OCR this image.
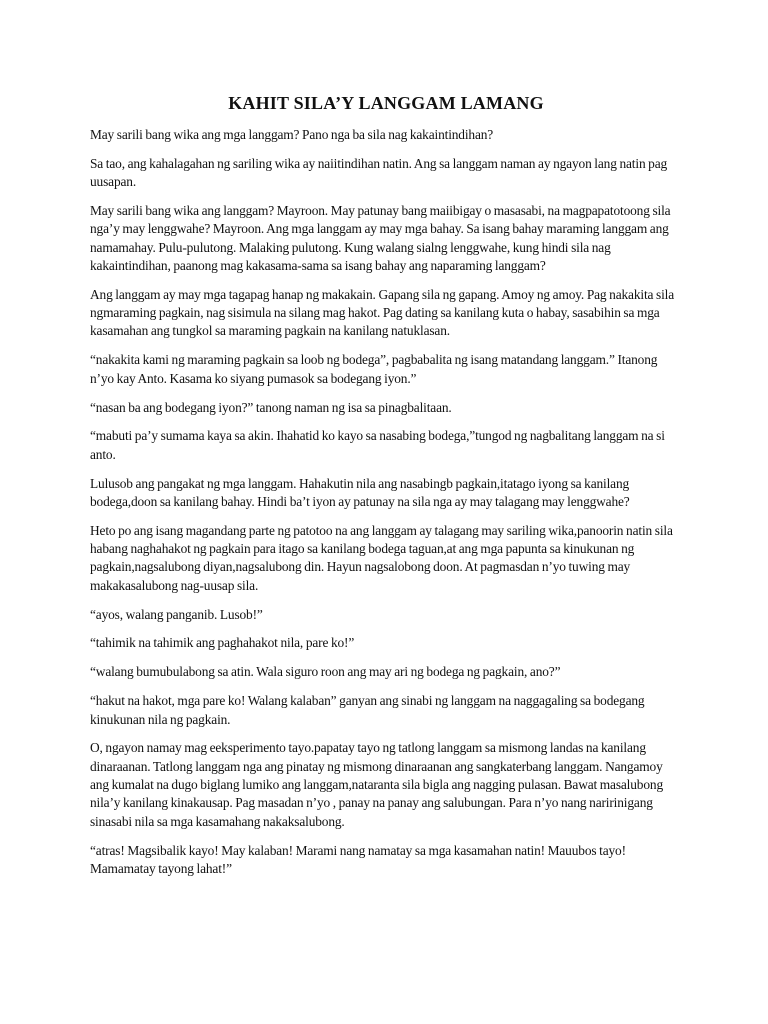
KAHIT SILA’Y LANGGAM LAMANG

May sarili bang wika ang mga langgam? Pano nga ba sila nag kakaintindihan?

Sa tao, ang kahalagahan ng sariling wika ay naiitindihan natin. Ang sa langgam naman ay ngayon lang natin pag uusapan.

May sarili bang wika ang langgam? Mayroon. May patunay bang maiibigay o masasabi, na magpapatotoong sila nga’y may lenggwahe? Mayroon. Ang mga langgam ay may mga bahay. Sa isang bahay maraming langgam ang namamahay. Pulu-pulutong. Malaking pulutong. Kung walang sialng lenggwahe, kung hindi sila nag kakaintindihan, paanong mag kakasama-sama sa isang bahay ang naparaming langgam?

Ang langgam ay may mga tagapag hanap ng makakain. Gapang sila ng gapang. Amoy ng amoy. Pag nakakita sila ngmaraming pagkain, nag sisimula na silang mag hakot. Pag dating sa kanilang kuta o habay, sasabihin sa mga kasamahan ang tungkol sa maraming pagkain na kanilang natuklasan.

“nakakita kami ng maraming pagkain sa loob ng bodega”, pagbabalita ng isang matandang langgam.” Itanong n’yo kay Anto. Kasama ko siyang pumasok sa bodegang iyon.”

“nasan ba ang bodegang iyon?” tanong naman ng isa sa pinagbalitaan.

“mabuti pa’y sumama kaya sa akin. Ihahatid ko kayo sa nasabing bodega,”tungod ng nagbalitang langgam na si anto.

Lulusob ang pangakat ng mga langgam. Hahakutin nila ang nasabingb pagkain,itatago iyong sa kanilang bodega,doon sa kanilang bahay. Hindi ba’t iyon ay patunay na sila nga ay may talagang may lenggwahe?

Heto po ang isang magandang parte ng patotoo na ang langgam ay talagang may sariling wika,panoorin natin sila habang naghahakot ng pagkain para itago sa kanilang bodega taguan,at ang mga papunta sa kinukunan ng pagkain,nagsalubong diyan,nagsalubong din. Hayun nagsalobong doon. At pagmasdan n’yo tuwing may makakasalubong nag-uusap sila.

“ayos, walang panganib. Lusob!”

“tahimik na tahimik ang paghahakot nila, pare ko!”

“walang bumubulabong sa atin. Wala siguro roon ang may ari ng bodega ng pagkain, ano?”

“hakut na hakot, mga pare ko! Walang kalaban” ganyan ang sinabi ng langgam na naggagaling sa bodegang kinukunan nila ng pagkain.

O, ngayon namay mag eeksperimento tayo.papatay tayo ng tatlong langgam sa mismong landas na kanilang dinaraanan. Tatlong langgam nga ang pinatay ng mismong dinaraanan ang sangkaterbang langgam. Nangamoy ang kumalat na dugo biglang lumiko ang langgam,nataranta sila bigla ang nagging pulasan. Bawat masalubong nila’y kanilang kinakausap. Pag masadan n’yo , panay na panay ang salubungan. Para n’yo nang naririnigang sinasabi nila sa mga kasamahang nakaksalubong.

“atras! Magsibalik kayo! May kalaban! Marami nang namatay sa mga kasamahan natin! Mauubos tayo! Mamamatay tayong lahat!”
